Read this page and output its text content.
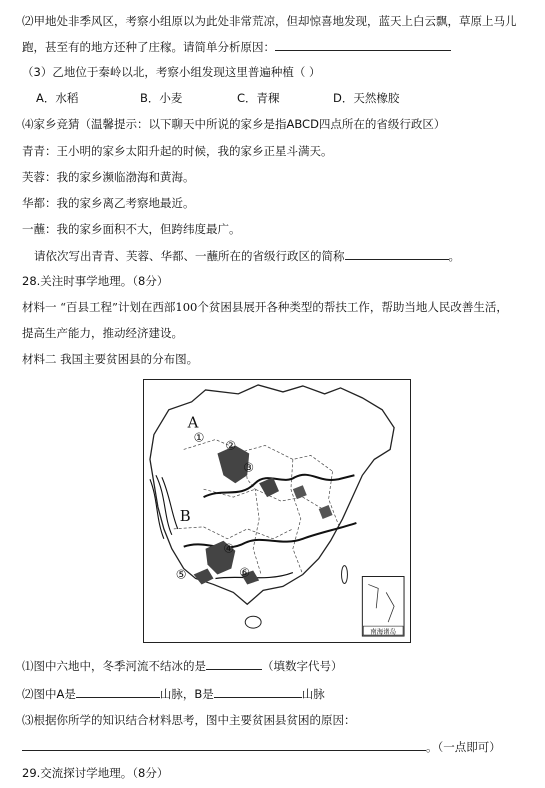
⑵甲地处非季风区，考察小组原以为此处非常荒凉，但却惊喜地发现，蓝天上白云飘，草原上马儿
跑，甚至有的地方还种了庄稼。请简单分析原因：
（3）乙地位于秦岭以北，考察小组发现这里普遍种植（ ）
A．水稻	B．小麦	C．青稞	D．天然橡胶
⑷家乡竞猜（温馨提示：以下聊天中所说的家乡是指ABCD四点所在的省级行政区）
青青：王小明的家乡太阳升起的时候，我的家乡正星斗满天。
芙蓉：我的家乡濒临渤海和黄海。
华都：我的家乡离乙考察地最近。
一蘸：我的家乡面积不大，但跨纬度最广。
请依次写出青青、芙蓉、华都、一蘸所在的省级行政区的简称	。
28.关注时事学地理。（8分）
材料一 “百县工程”计划在西部100个贫困县展开各种类型的帮扶工作，帮助当地人民改善生活，
提高生产能力，推动经济建设。
材料二 我国主要贫困县的分布图。
A
B
①
②
③
④
⑤	⑥
南海诸岛
⑴图中六地中，冬季河流不结冰的是	（填数字代号）
⑵图中A是	山脉，B是	山脉
⑶根据你所学的知识结合材料思考，图中主要贫困县贫困的原因：
。（一点即可）
29.交流探讨学地理。（8分）
